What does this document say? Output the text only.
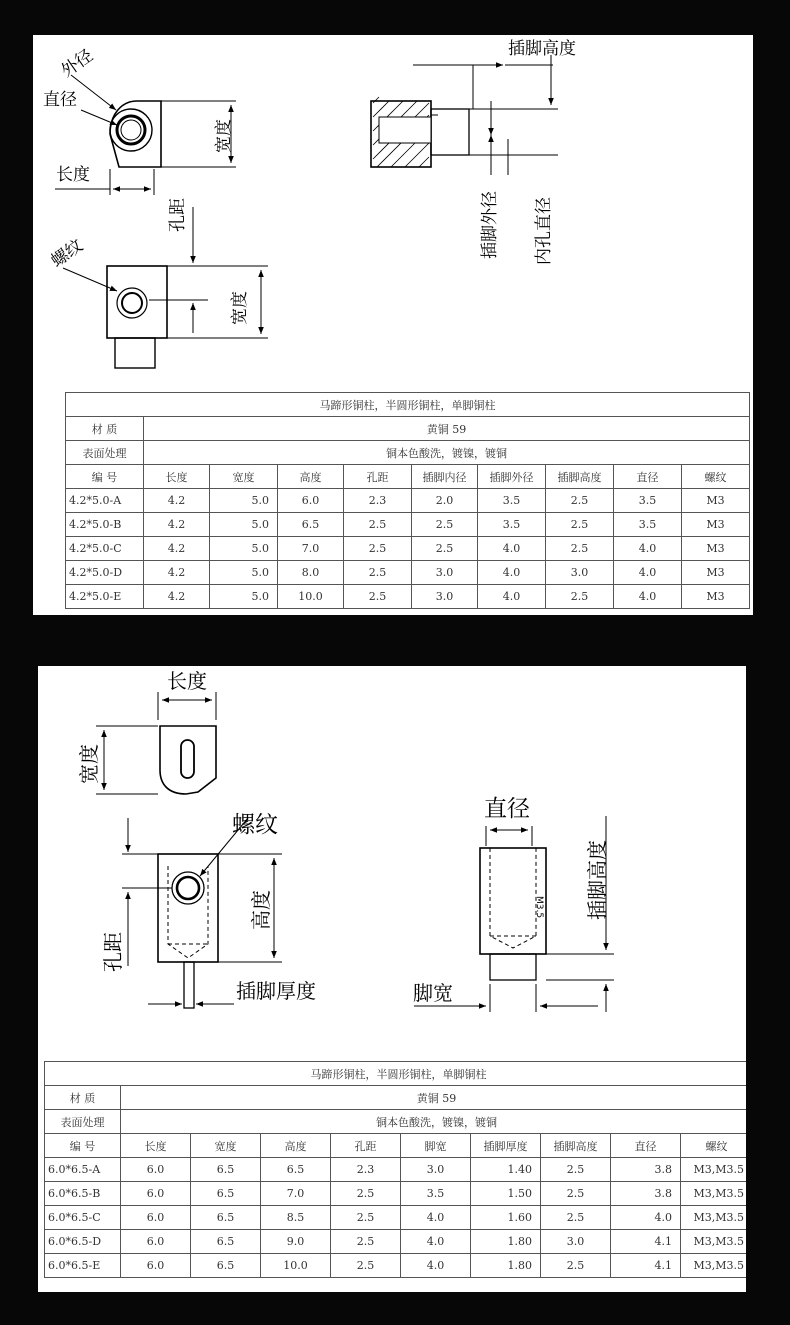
外径
直径
宽度
长度
孔距
螺纹
宽度
插脚高度
插脚外径 内孔直径
马蹄形铜柱，半圆形铜柱，单脚铜柱									
材 质	黄铜 59								
表面处理	铜本色酸洗，镀镍，镀铜								
编 号	长度	宽度	高度	孔距	插脚内径	插脚外径	插脚高度	直径	螺纹
4.2*5.0-A	4.2	5.0	6.0	2.3	2.0	3.5	2.5	3.5	M3
4.2*5.0-B	4.2	5.0	6.5	2.5	2.5	3.5	2.5	3.5	M3
4.2*5.0-C	4.2	5.0	7.0	2.5	2.5	4.0	2.5	4.0	M3
4.2*5.0-D	4.2	5.0	8.0	2.5	3.0	4.0	3.0	4.0	M3
4.2*5.0-E	4.2	5.0	10.0	2.5	3.0	4.0	2.5	4.0	M3
长度
宽度
螺纹
高度
孔距
插脚厚度
直径
插脚高度
脚宽
M3.5
马蹄形铜柱，半圆形铜柱，单脚铜柱									
材 质	黄铜 59								
表面处理	铜本色酸洗，镀镍，镀铜								
编 号	长度	宽度	高度	孔距	脚宽	插脚厚度	插脚高度	直径	螺纹
6.0*6.5-A	6.0	6.5	6.5	2.3	3.0	1.40	2.5	3.8	M3,M3.5
6.0*6.5-B	6.0	6.5	7.0	2.5	3.5	1.50	2.5	3.8	M3,M3.5
6.0*6.5-C	6.0	6.5	8.5	2.5	4.0	1.60	2.5	4.0	M3,M3.5
6.0*6.5-D	6.0	6.5	9.0	2.5	4.0	1.80	3.0	4.1	M3,M3.5
6.0*6.5-E	6.0	6.5	10.0	2.5	4.0	1.80	2.5	4.1	M3,M3.5
